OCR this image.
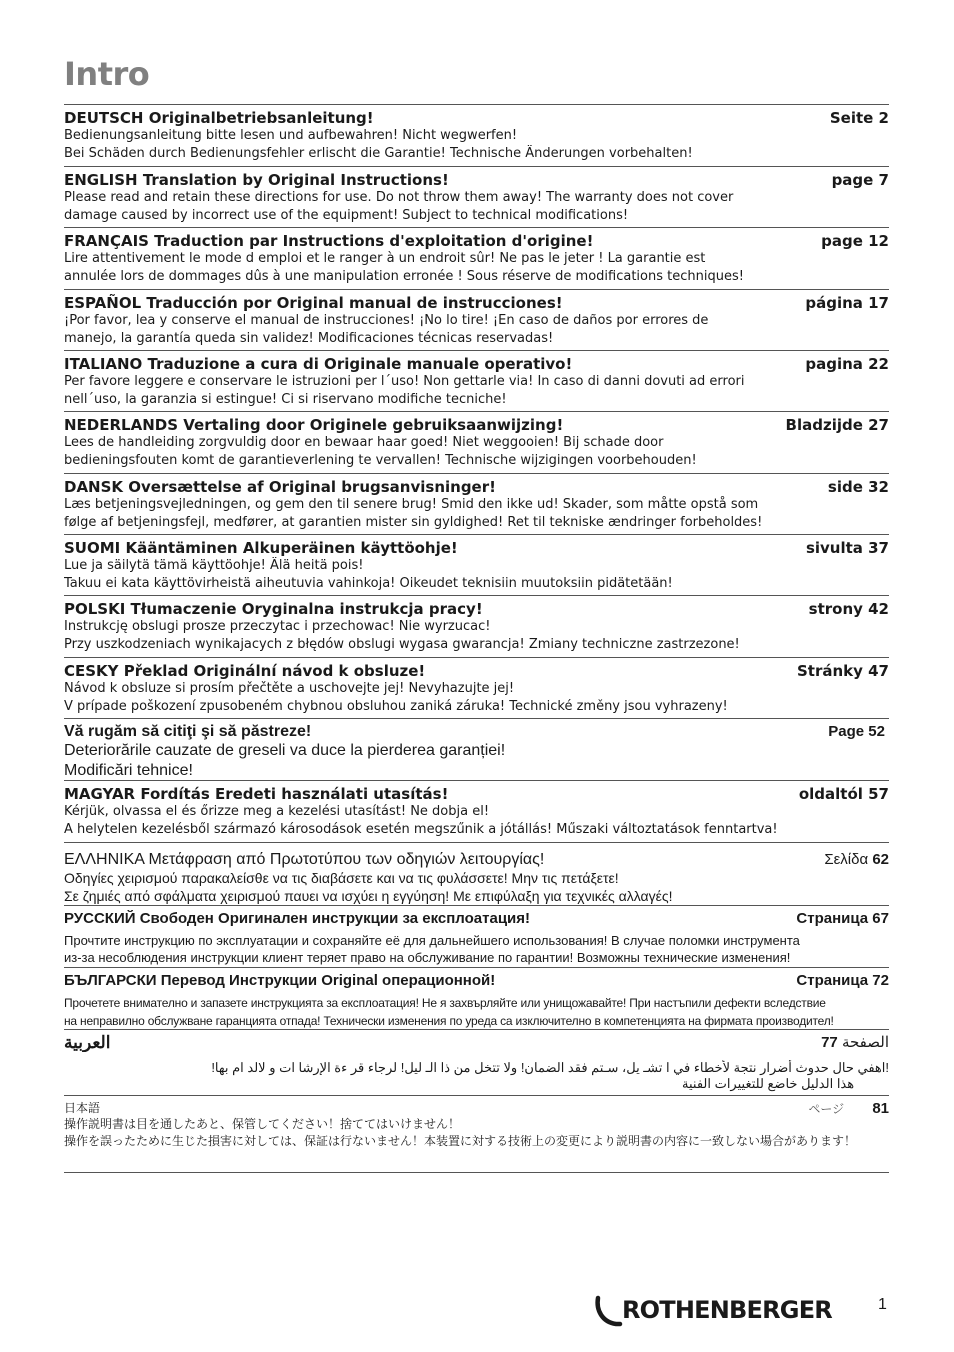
Intro
DEUTSCH Originalbetriebsanleitung!	Seite 2
Bedienungsanleitung bitte lesen und aufbewahren! Nicht wegwerfen!
Bei Schäden durch Bedienungsfehler erlischt die Garantie! Technische Änderungen vorbehalten!
ENGLISH Translation by Original Instructions!	page 7
Please read and retain these directions for use. Do not throw them away! The warranty does not cover
damage caused by incorrect use of the equipment! Subject to technical modifications!
FRANÇAIS Traduction par Instructions d'exploitation d'origine!	page 12
Lire attentivement le mode d emploi et le ranger à un endroit sûr! Ne pas le jeter ! La garantie est
annulée lors de dommages dûs à une manipulation erronée ! Sous réserve de modifications techniques!
ESPAÑOL Traducción por Original manual de instrucciones!	página 17
¡Por favor, lea y conserve el manual de instrucciones! ¡No lo tire! ¡En caso de daños por errores de
manejo, la garantía queda sin validez! Modificaciones técnicas reservadas!
ITALIANO Traduzione a cura di Originale manuale operativo!	pagina 22
Per favore leggere e conservare le istruzioni per l´uso! Non gettarle via! In caso di danni dovuti ad errori
nell´uso, la garanzia si estingue! Ci si riservano modifiche tecniche!
NEDERLANDS Vertaling door Originele gebruiksaanwijzing!	Bladzijde 27
Lees de handleiding zorgvuldig door en bewaar haar goed! Niet weggooien! Bij schade door
bedieningsfouten komt de garantieverlening te vervallen! Technische wijzigingen voorbehouden!
DANSK Oversættelse af Original brugsanvisninger!	side 32
Læs betjeningsvejledningen, og gem den til senere brug! Smid den ikke ud! Skader, som måtte opstå som
følge af betjeningsfejl, medfører, at garantien mister sin gyldighed! Ret til tekniske ændringer forbeholdes!
SUOMI Kääntäminen Alkuperäinen käyttöohje!	sivulta 37
Lue ja säilytä tämä käyttöohje! Älä heitä pois!
Takuu ei kata käyttövirheistä aiheutuvia vahinkoja! Oikeudet teknisiin muutoksiin pidätetään!
POLSKI Tłumaczenie Oryginalna instrukcja pracy!	strony 42
Instrukcję obslugi prosze przeczytac i przechowac! Nie wyrzucac!
Przy uszkodzeniach wynikajacych z błędów obslugi wygasa gwarancja! Zmiany techniczne zastrzezone!
CESKY Překlad Originální návod k obsluze!	Stránky 47
Návod k obsluze si prosím přečtěte a uschovejte jej! Nevyhazujte jej!
V prípade poškození zpusobeném chybnou obsluhou zaniká záruka! Technické změny jsou vyhrazeny!
Vă rugăm să citiţi şi să păstreze!	Page 52
Deteriorările cauzate de greseli va duce la pierderea garanției!
Modificări tehnice!
MAGYAR Fordítás Eredeti használati utasítás!	oldaltól 57
Kérjük, olvassa el és őrizze meg a kezelési utasítást! Ne dobja el!
A helytelen kezelésből származó károsodások esetén megszűnik a jótállás! Műszaki változtatások fenntartva!
ΕΛΛΗΝΙΚΑ Μετάφραση από Πρωτοτύπου των οδηγιών λειτουργίας!	Σελίδα 62
Οδηγίες χειρισμού παρακαλείσθε να τις διαβάσετε και να τις φυλάσσετε! Μην τις πετάξετε!
Σε ζημιές από σφάλματα χειρισμού παυει να ισχύει η εγγύηση! Με επιφύλαξη για τεχνικές αλλαγές!
РУССКИЙ Свободен Оригинален инструкции за експлоатация!	Страница 67
Прочтите инструкцию по эксплуатации и сохраняйте её для дальнейшего использования! В случае поломки инструмента
из-за несоблюдения инструкции клиент теряет право на обслуживание по гарантии! Возможны технические изменения!
БЪЛГАРСКИ Перевод Инструкции Original операционной!	Страница 72
Прочетете внимателно и запазете инструкцията за експлоатация! Не я захвърляйте или унищожавайте! При настъпили дефекти вследствие
на неправилно обслужване гаранцията отпада! Технически изменения по уреда са изключително в компетенцията на фирмата производител!
العربية	الصفحة 77
!اهفي حال حدوث أضرار نتجة لأخطاء في ا تشـ يل، سـتم فقد الضمان! ولا تتخل من ذا الـ ليل! لرجاء قر ءة الإرشا ات و لالد ام بها!
هذا الدليل خاضع للتغييرات الفنية
日本語	ページ 81
操作説明書は目を通したあと、保管してください！捨ててはいけません！
操作を誤ったために生じた損害に対しては、保証は行ないません！本装置に対する技術上の変更により説明書の内容に一致しない場合があります！
ROTHENBERGER	1
